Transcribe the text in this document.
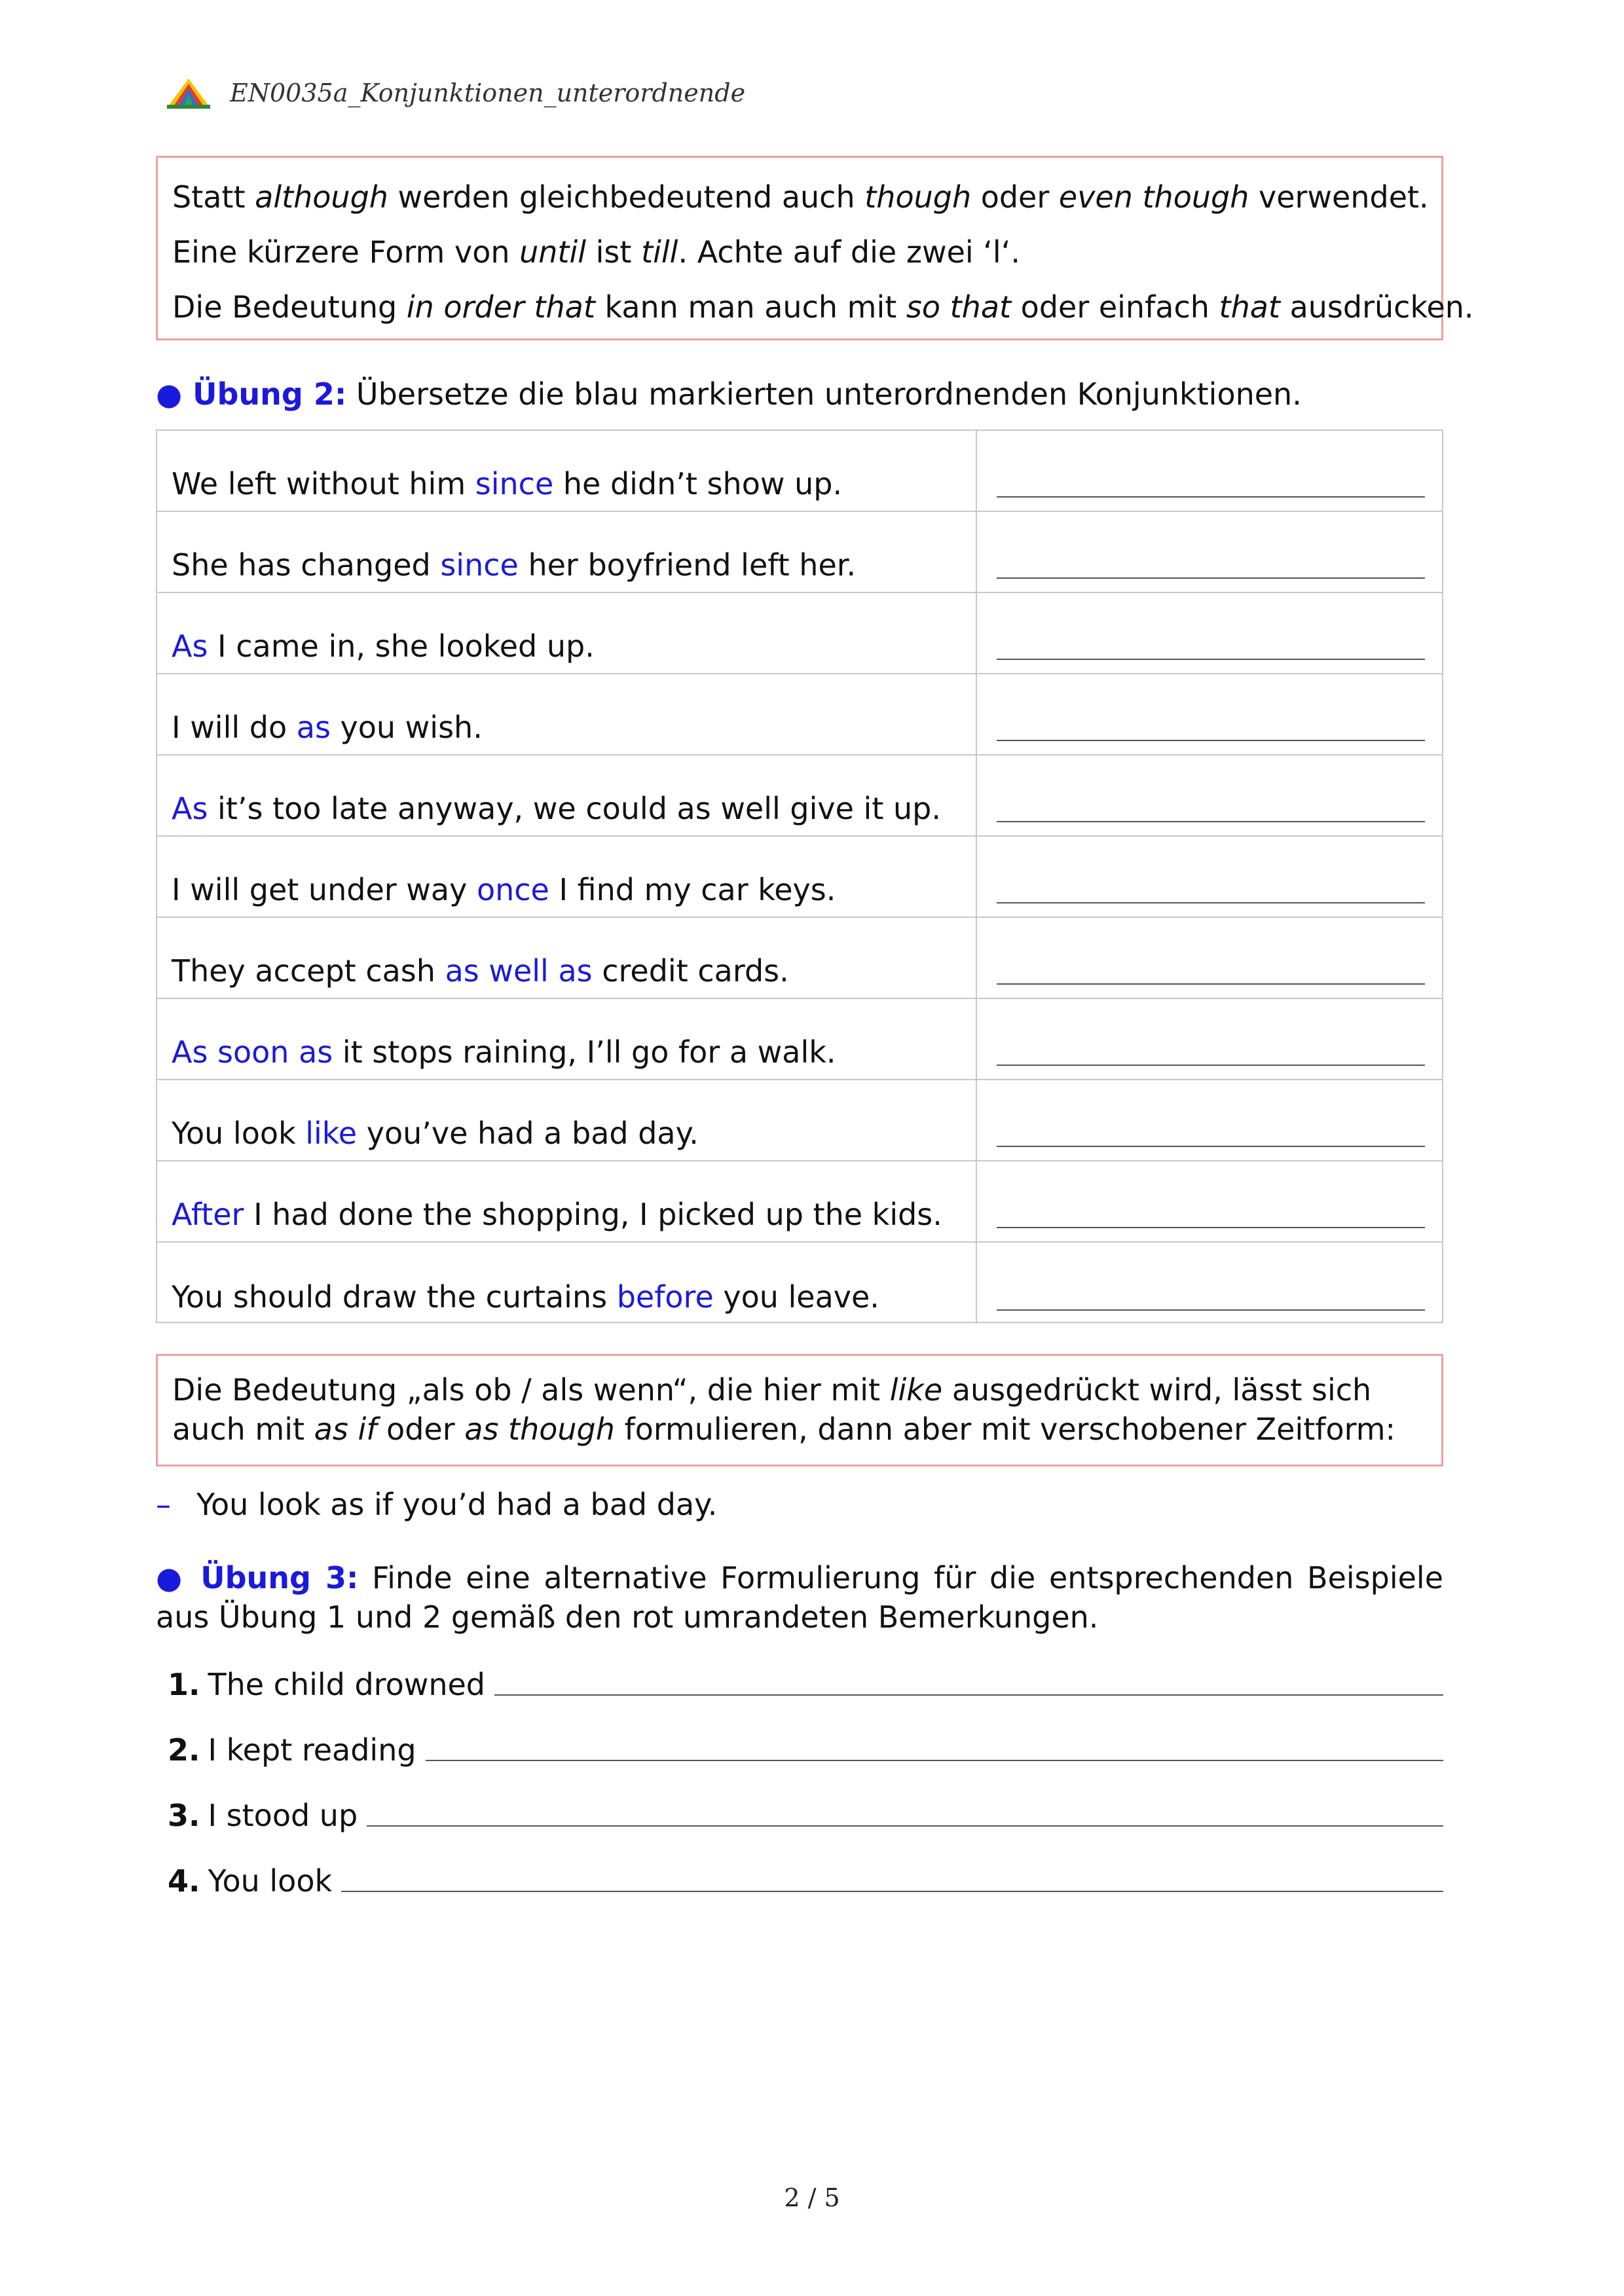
EN0035a_Konjunktionen_unterordnende
Statt although werden gleichbedeutend auch though oder even though verwendet.
Eine kürzere Form von until ist till. Achte auf die zwei ‘l‘.
Die Bedeutung in order that kann man auch mit so that oder einfach that ausdrücken.
● Übung 2: Übersetze die blau markierten unterordnenden Konjunktionen.
We left without him since he didn’t show up.
She has changed since her boyfriend left her.
As I came in, she looked up.
I will do as you wish.
As it’s too late anyway, we could as well give it up.
I will get under way once I find my car keys.
They accept cash as well as credit cards.
As soon as it stops raining, I’ll go for a walk.
You look like you’ve had a bad day.
After I had done the shopping, I picked up the kids.
You should draw the curtains before you leave.
Die Bedeutung „als ob / als wenn“, die hier mit like ausgedrückt wird, lässt sich auch mit as if oder as though formulieren, dann aber mit verschobener Zeitform:
– You look as if you’d had a bad day.
● Übung 3: Finde eine alternative Formulierung für die entsprechenden Beispiele aus Übung 1 und 2 gemäß den rot umrandeten Bemerkungen.
1. The child drowned
2. I kept reading
3. I stood up
4. You look
2 / 5
